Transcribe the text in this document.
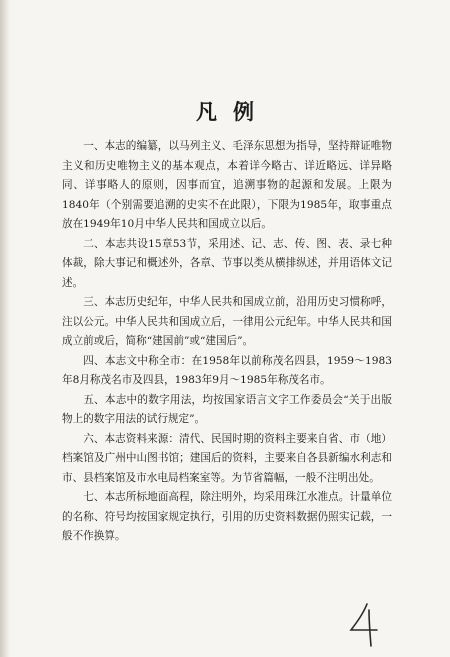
凡例

一、本志的编纂，以马列主义、毛泽东思想为指导，坚持辩证唯物主义和历史唯物主义的基本观点，本着详今略古、详近略远、详异略同、详事略人的原则，因事而宜，追溯事物的起源和发展。上限为1840年（个别需要追溯的史实不在此限），下限为1985年，取事重点放在1949年10月中华人民共和国成立以后。

二、本志共设15章53节，采用述、记、志、传、图、表、录七种体裁，除大事记和概述外，各章、节事以类从横排纵述，并用语体文记述。

三、本志历史纪年，中华人民共和国成立前，沿用历史习惯称呼，注以公元。中华人民共和国成立后，一律用公元纪年。中华人民共和国成立前或后，简称“建国前”或“建国后”。

四、本志文中称全市：在1958年以前称茂名四县，1959～1983年8月称茂名市及四县，1983年9月～1985年称茂名市。

五、本志中的数字用法，均按国家语言文字工作委员会“关于出版物上的数字用法的试行规定”。

六、本志资料来源：清代、民国时期的资料主要来自省、市（地）档案馆及广州中山图书馆；建国后的资料，主要来自各县新编水利志和市、县档案馆及市水电局档案室等。为节省篇幅，一般不注明出处。

七、本志所标地面高程，除注明外，均采用珠江水准点。计量单位的名称、符号均按国家规定执行，引用的历史资料数据仍照实记载，一般不作换算。
